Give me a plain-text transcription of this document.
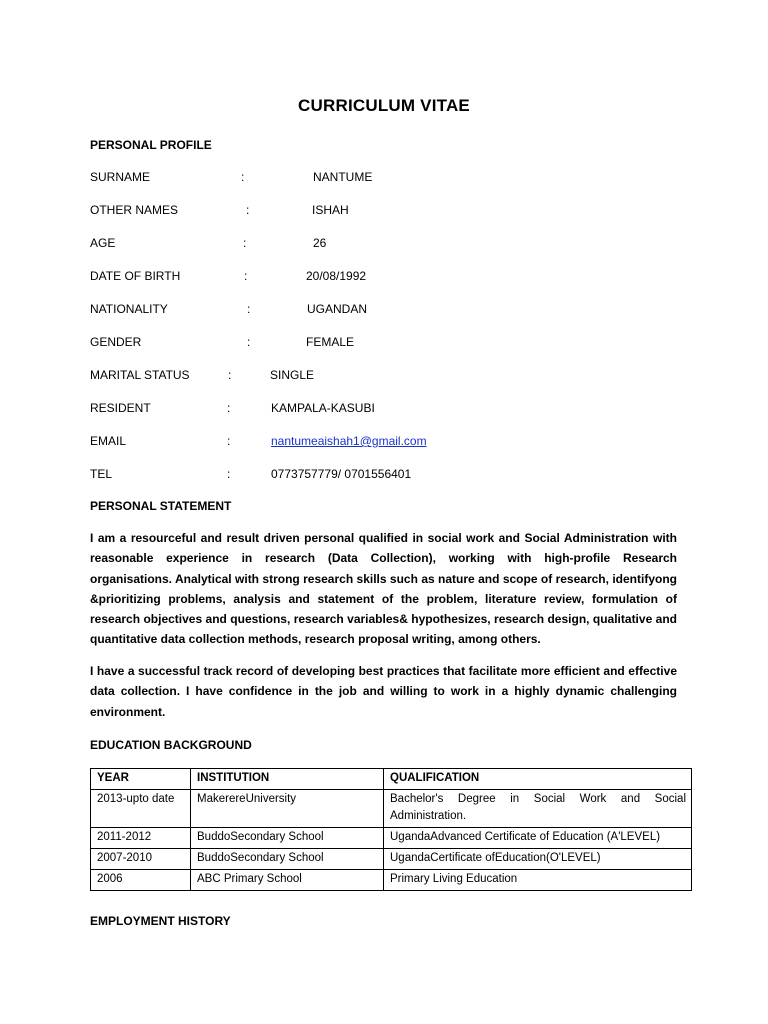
CURRICULUM VITAE
PERSONAL PROFILE
SURNAME	:	NANTUME
OTHER NAMES	:	ISHAH
AGE	:	26
DATE OF BIRTH	:	20/08/1992
NATIONALITY	:	UGANDAN
GENDER	:	FEMALE
MARITAL STATUS	:	SINGLE
RESIDENT	:	KAMPALA-KASUBI
EMAIL	:	nantumeaishah1@gmail.com
TEL	:	0773757779/ 0701556401
PERSONAL STATEMENT

I am a resourceful and result driven personal qualified in social work and Social Administration with reasonable experience in research (Data Collection), working with high-profile Research organisations. Analytical with strong research skills such as nature and scope of research, identifyong &prioritizing problems, analysis and statement of the problem, literature review, formulation of research objectives and questions, research variables& hypothesizes, research design, qualitative and quantitative data collection methods, research proposal writing, among others.

I have a successful track record of developing best practices that facilitate more efficient and effective data collection. I have confidence in the job and willing to work in a highly dynamic challenging environment.

EDUCATION BACKGROUND
YEAR	INSTITUTION	QUALIFICATION
2013-upto date	MakerereUniversity	Bachelor's Degree in Social Work and Social Administration.
2011-2012	BuddoSecondary School	UgandaAdvanced Certificate of Education (A'LEVEL)
2007-2010	BuddoSecondary School	UgandaCertificate ofEducation(O'LEVEL)
2006	ABC Primary School	Primary Living Education
EMPLOYMENT HISTORY
